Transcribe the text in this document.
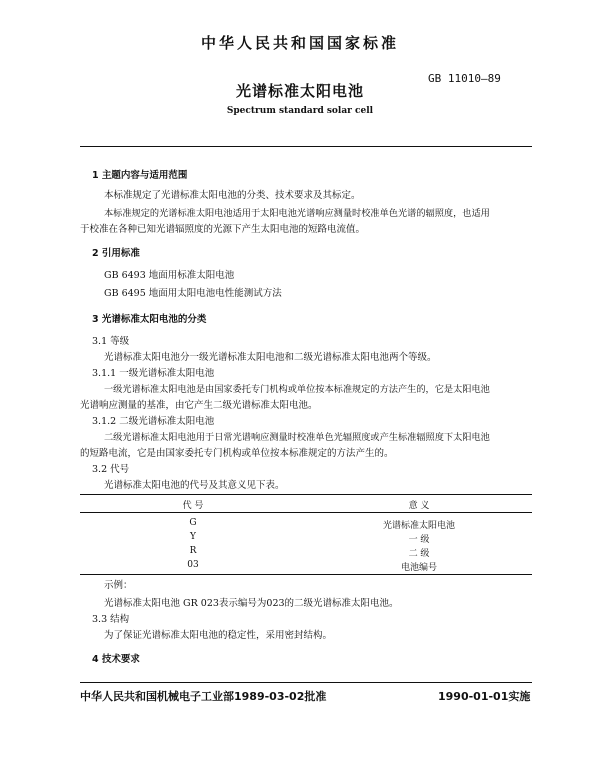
中华人民共和国国家标准
光谱标准太阳电池
GB 11010—89
Spectrum standard solar cell
1 主题内容与适用范围
本标准规定了光谱标准太阳电池的分类、技术要求及其标定。
本标准规定的光谱标准太阳电池适用于太阳电池光谱响应测量时校准单色光谱的辐照度，也适用
于校准在各种已知光谱辐照度的光源下产生太阳电池的短路电流值。
2 引用标准
GB 6493 地面用标准太阳电池
GB 6495 地面用太阳电池电性能测试方法
3 光谱标准太阳电池的分类
3.1 等级
光谱标准太阳电池分一级光谱标准太阳电池和二级光谱标准太阳电池两个等级。
3.1.1 一级光谱标准太阳电池
一级光谱标准太阳电池是由国家委托专门机构或单位按本标准规定的方法产生的，它是太阳电池
光谱响应测量的基准，由它产生二级光谱标准太阳电池。
3.1.2 二级光谱标准太阳电池
二级光谱标准太阳电池用于日常光谱响应测量时校准单色光辐照度或产生标准辐照度下太阳电池
的短路电流，它是由国家委托专门机构或单位按本标准规定的方法产生的。
3.2 代号
光谱标准太阳电池的代号及其意义见下表。
代 号	意 义
G	光谱标准太阳电池
Y	一 级
R	二 级
03	电池编号
示例：
光谱标准太阳电池 GR 023表示编号为023的二级光谱标准太阳电池。
3.3 结构
为了保证光谱标准太阳电池的稳定性，采用密封结构。
4 技术要求
中华人民共和国机械电子工业部1989-03-02批准	1990-01-01实施
